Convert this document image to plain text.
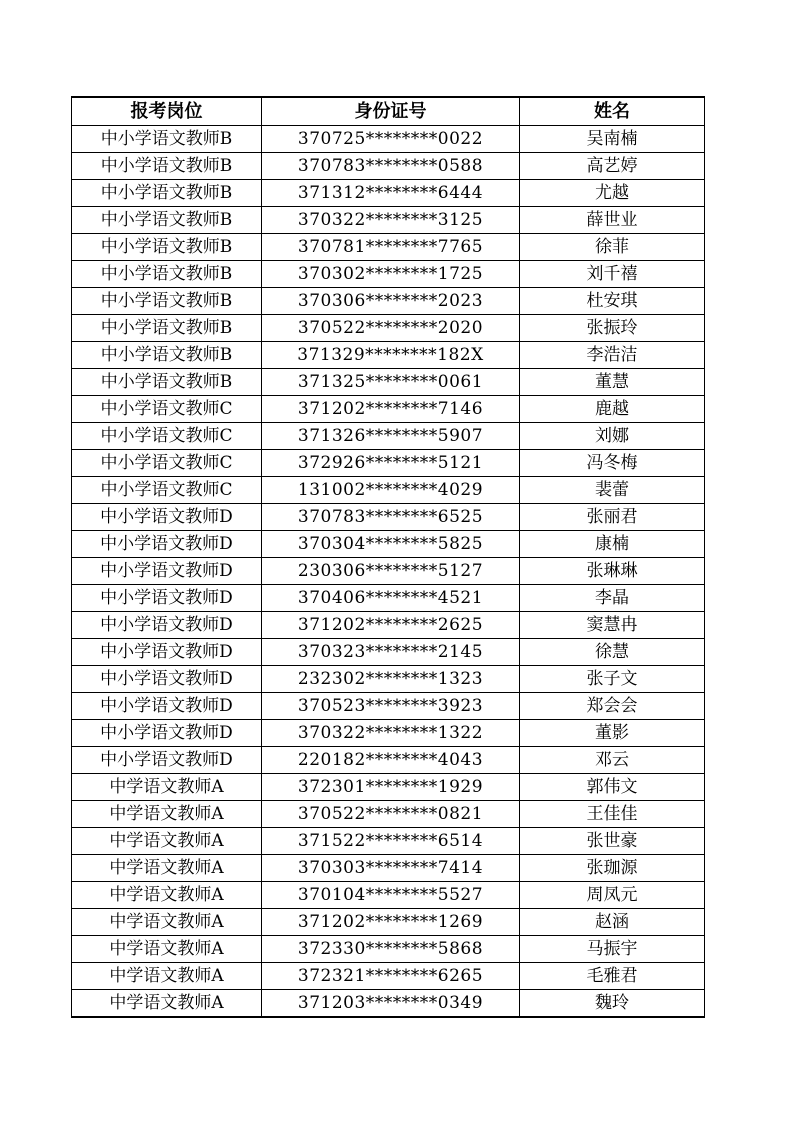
报考岗位	身份证号	姓名
中小学语文教师B	370725********0022	吴南楠
中小学语文教师B	370783********0588	高艺婷
中小学语文教师B	371312********6444	尤越
中小学语文教师B	370322********3125	薛世业
中小学语文教师B	370781********7765	徐菲
中小学语文教师B	370302********1725	刘千禧
中小学语文教师B	370306********2023	杜安琪
中小学语文教师B	370522********2020	张振玲
中小学语文教师B	371329********182X	李浩洁
中小学语文教师B	371325********0061	董慧
中小学语文教师C	371202********7146	鹿越
中小学语文教师C	371326********5907	刘娜
中小学语文教师C	372926********5121	冯冬梅
中小学语文教师C	131002********4029	裴蕾
中小学语文教师D	370783********6525	张丽君
中小学语文教师D	370304********5825	康楠
中小学语文教师D	230306********5127	张琳琳
中小学语文教师D	370406********4521	李晶
中小学语文教师D	371202********2625	窦慧冉
中小学语文教师D	370323********2145	徐慧
中小学语文教师D	232302********1323	张子文
中小学语文教师D	370523********3923	郑会会
中小学语文教师D	370322********1322	董影
中小学语文教师D	220182********4043	邓云
中学语文教师A	372301********1929	郭伟文
中学语文教师A	370522********0821	王佳佳
中学语文教师A	371522********6514	张世豪
中学语文教师A	370303********7414	张珈源
中学语文教师A	370104********5527	周凤元
中学语文教师A	371202********1269	赵涵
中学语文教师A	372330********5868	马振宇
中学语文教师A	372321********6265	毛雅君
中学语文教师A	371203********0349	魏玲
